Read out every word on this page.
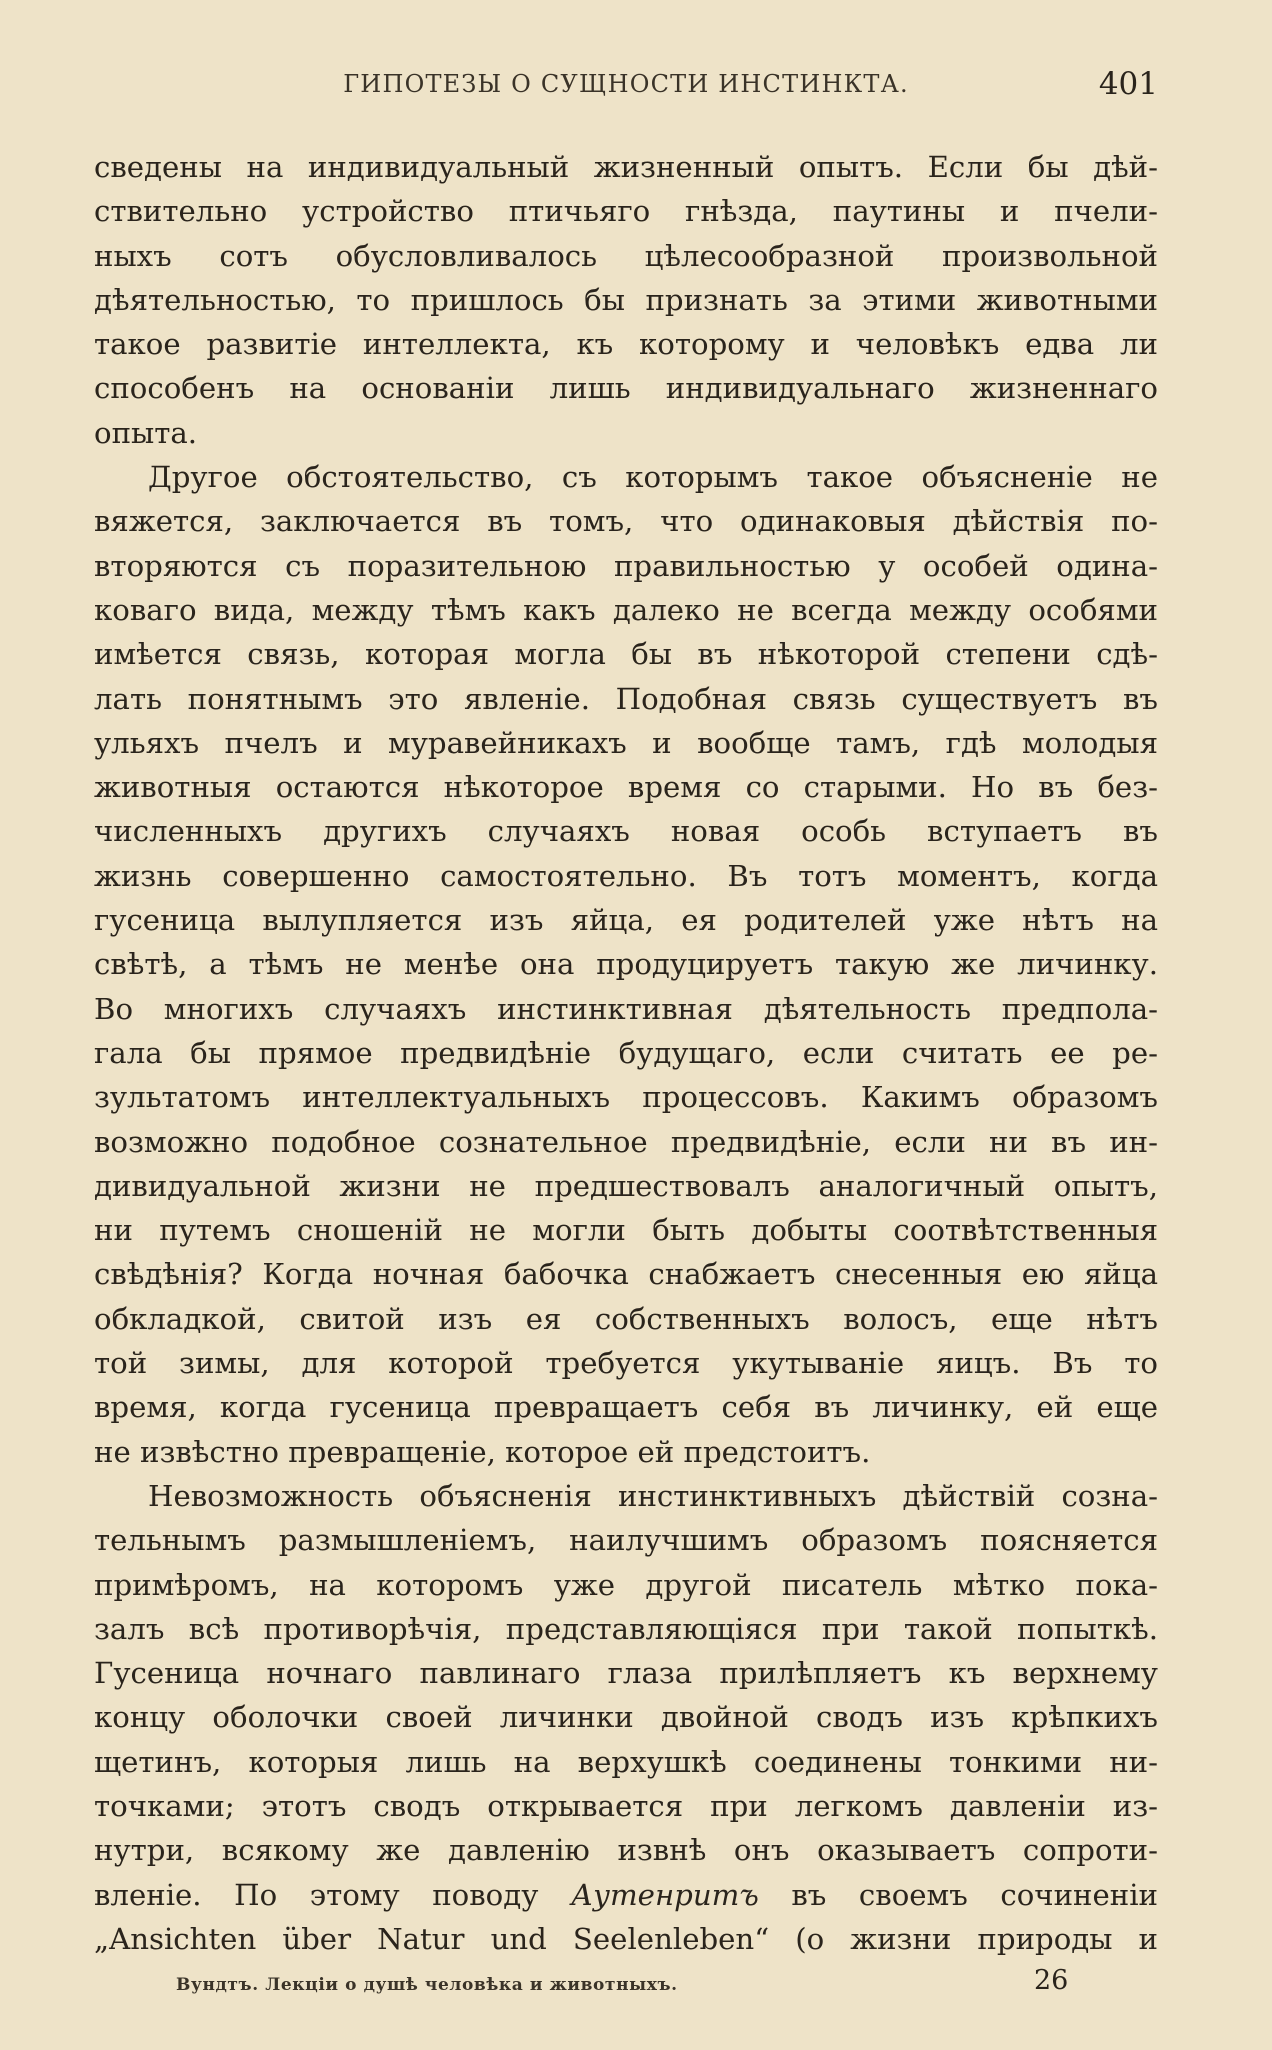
ГИПОТЕЗЫ О СУЩНОСТИ ИНСТИНКТА.	401
сведены на индивидуальный жизненный опытъ. Если бы дѣй-
ствительно устройство птичьяго гнѣзда, паутины и пчели-
ныхъ сотъ обусловливалось цѣлесообразной произвольной
дѣятельностью, то пришлось бы признать за этими животными
такое развитіе интеллекта, къ которому и человѣкъ едва ли
способенъ на основаніи лишь индивидуальнаго жизненнаго
опыта.
Другое обстоятельство, съ которымъ такое объясненіе не
вяжется, заключается въ томъ, что одинаковыя дѣйствія по-
вторяются съ поразительною правильностью у особей одина-
коваго вида, между тѣмъ какъ далеко не всегда между особями
имѣется связь, которая могла бы въ нѣкоторой степени сдѣ-
лать понятнымъ это явленіе. Подобная связь существуетъ въ
ульяхъ пчелъ и муравейникахъ и вообще тамъ, гдѣ молодыя
животныя остаются нѣкоторое время со старыми. Но въ без-
численныхъ другихъ случаяхъ новая особь вступаетъ въ
жизнь совершенно самостоятельно. Въ тотъ моментъ, когда
гусеница вылупляется изъ яйца, ея родителей уже нѣтъ на
свѣтѣ, а тѣмъ не менѣе она продуцируетъ такую же личинку.
Во многихъ случаяхъ инстинктивная дѣятельность предпола-
гала бы прямое предвидѣніе будущаго, если считать ее ре-
зультатомъ интеллектуальныхъ процессовъ. Какимъ образомъ
возможно подобное сознательное предвидѣніе, если ни въ ин-
дивидуальной жизни не предшествовалъ аналогичный опытъ,
ни путемъ сношеній не могли быть добыты соотвѣтственныя
свѣдѣнія? Когда ночная бабочка снабжаетъ снесенныя ею яйца
обкладкой, свитой изъ ея собственныхъ волосъ, еще нѣтъ
той зимы, для которой требуется укутываніе яицъ. Въ то
время, когда гусеница превращаетъ себя въ личинку, ей еще
не извѣстно превращеніе, которое ей предстоитъ.
Невозможность объясненія инстинктивныхъ дѣйствій созна-
тельнымъ размышленіемъ, наилучшимъ образомъ поясняется
примѣромъ, на которомъ уже другой писатель мѣтко пока-
залъ всѣ противорѣчія, представляющіяся при такой попыткѣ.
Гусеница ночнаго павлинаго глаза прилѣпляетъ къ верхнему
концу оболочки своей личинки двойной сводъ изъ крѣпкихъ
щетинъ, которыя лишь на верхушкѣ соединены тонкими ни-
точками; этотъ сводъ открывается при легкомъ давленіи из-
нутри, всякому же давленію извнѣ онъ оказываетъ сопроти-
вленіе. По этому поводу Аутенритъ въ своемъ сочиненіи
„Ansichten über Natur und Seelenleben“ (о жизни природы и
Вундтъ. Лекціи о душѣ человѣка и животныхъ.	26
